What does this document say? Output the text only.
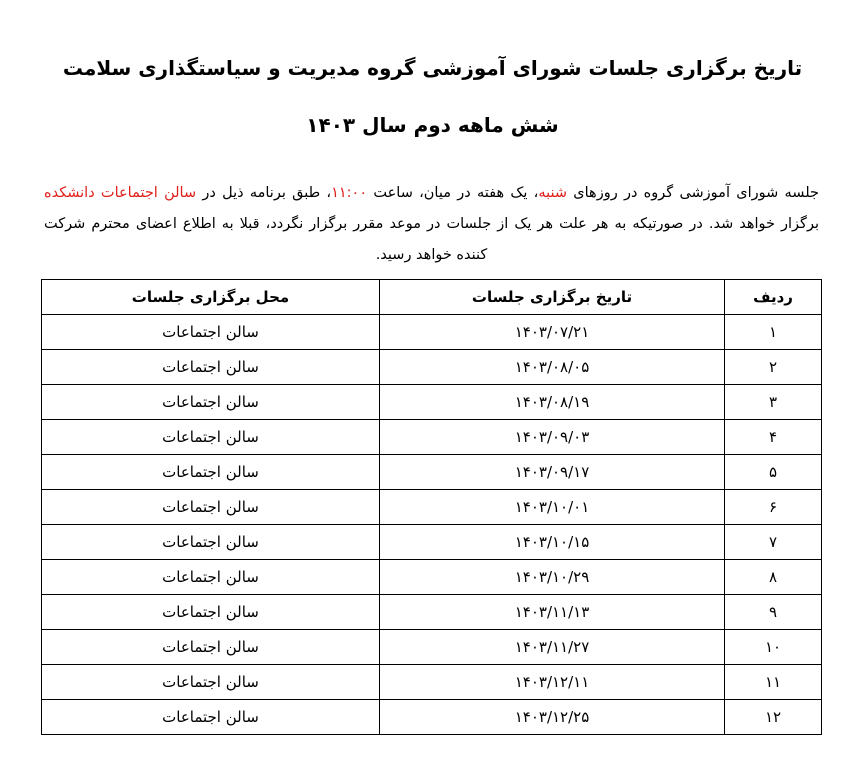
تاریخ برگزاری جلسات شورای آموزشی گروه مدیریت و سیاستگذاری سلامت
شش ماهه دوم سال ۱۴۰۳

جلسه شورای آموزشی گروه در روزهای شنبه، یک هفته در میان، ساعت ۱۱:۰۰، طبق برنامه ذیل در سالن اجتماعات دانشکده برگزار خواهد شد. در صورتیکه به هر علت هر یک از جلسات در موعد مقرر برگزار نگردد، قبلا به اطلاع اعضای محترم شرکت کننده خواهد رسید.

ردیف	تاریخ برگزاری جلسات	محل برگزاری جلسات
۱	۱۴۰۳/۰۷/۲۱	سالن اجتماعات
۲	۱۴۰۳/۰۸/۰۵	سالن اجتماعات
۳	۱۴۰۳/۰۸/۱۹	سالن اجتماعات
۴	۱۴۰۳/۰۹/۰۳	سالن اجتماعات
۵	۱۴۰۳/۰۹/۱۷	سالن اجتماعات
۶	۱۴۰۳/۱۰/۰۱	سالن اجتماعات
۷	۱۴۰۳/۱۰/۱۵	سالن اجتماعات
۸	۱۴۰۳/۱۰/۲۹	سالن اجتماعات
۹	۱۴۰۳/۱۱/۱۳	سالن اجتماعات
۱۰	۱۴۰۳/۱۱/۲۷	سالن اجتماعات
۱۱	۱۴۰۳/۱۲/۱۱	سالن اجتماعات
۱۲	۱۴۰۳/۱۲/۲۵	سالن اجتماعات
